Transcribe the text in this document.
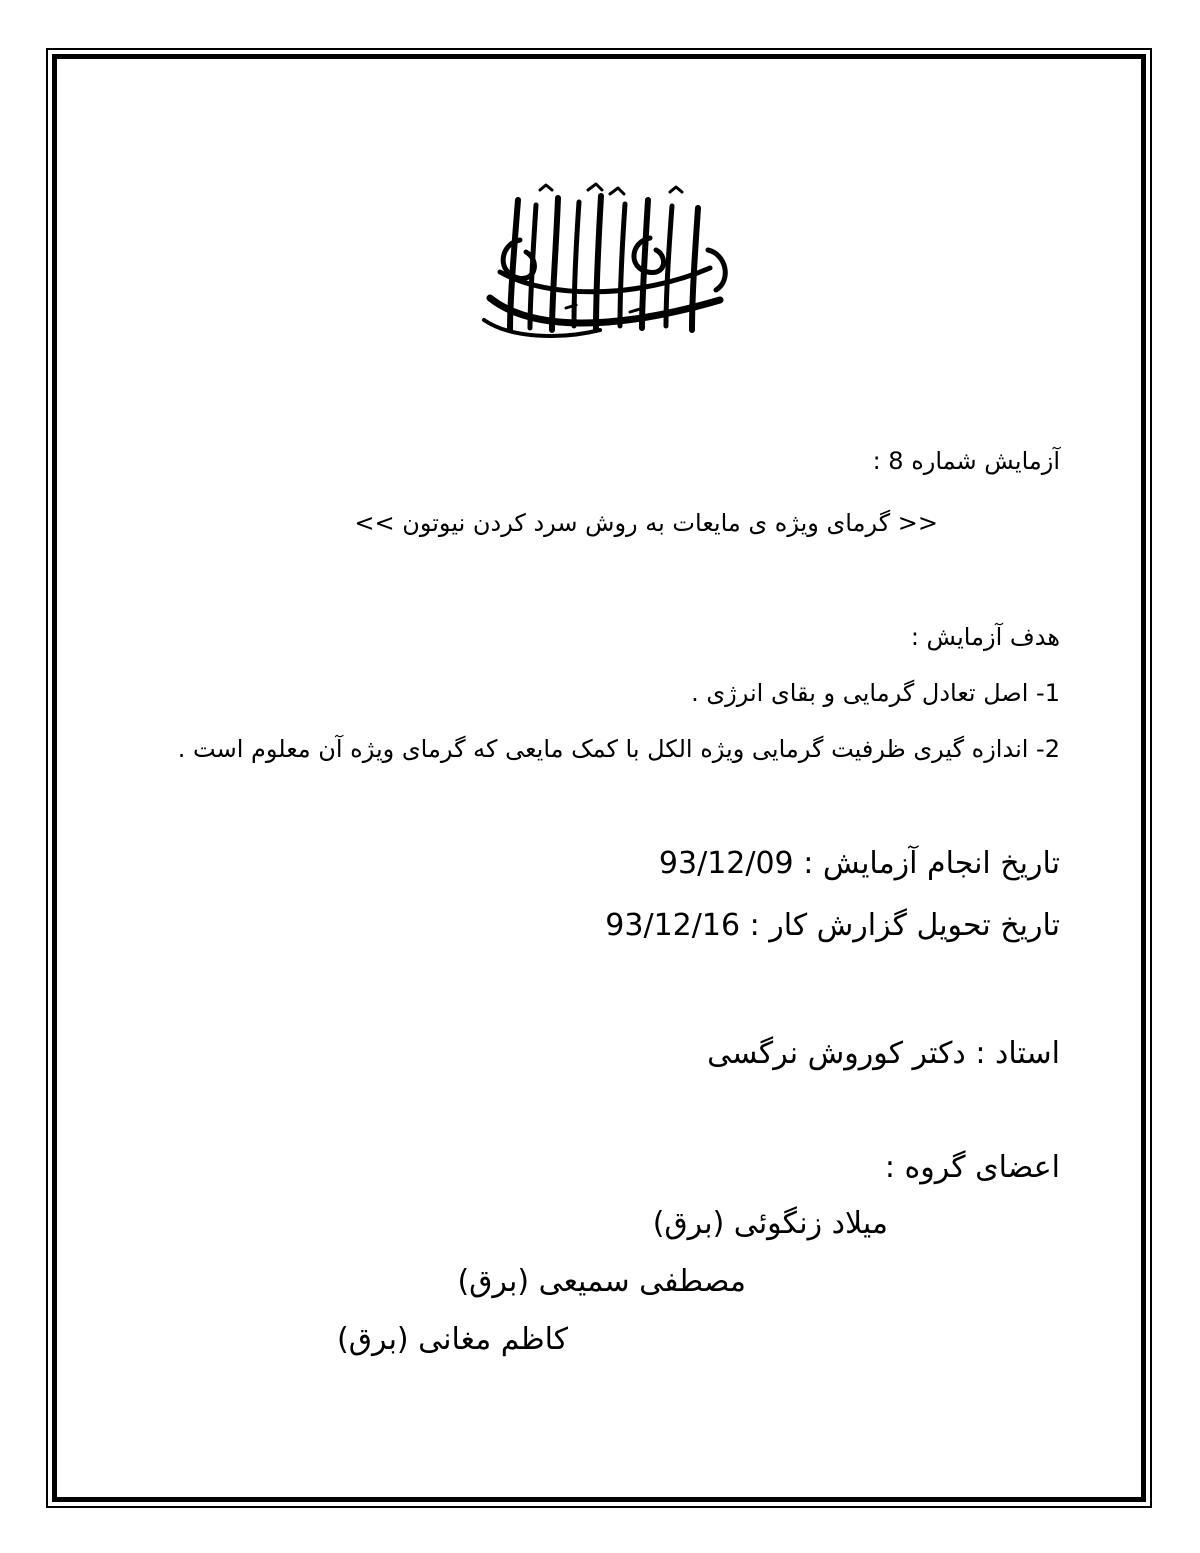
آزمایش شماره 8 :
<< گرمای ویژه ی مایعات به روش سرد کردن نیوتون >>
هدف آزمایش :
1- اصل تعادل گرمایی و بقای انرژی .
2- اندازه گیری ظرفیت گرمایی ویژه الکل با کمک مایعی که گرمای ویژه آن معلوم است .
تاریخ انجام آزمایش : 93/12/09
تاریخ تحویل گزارش کار : 93/12/16
استاد : دکتر کوروش نرگسی
اعضای گروه :
میلاد زنگوئی (برق)
مصطفی سمیعی (برق)
کاظم مغانی (برق)
